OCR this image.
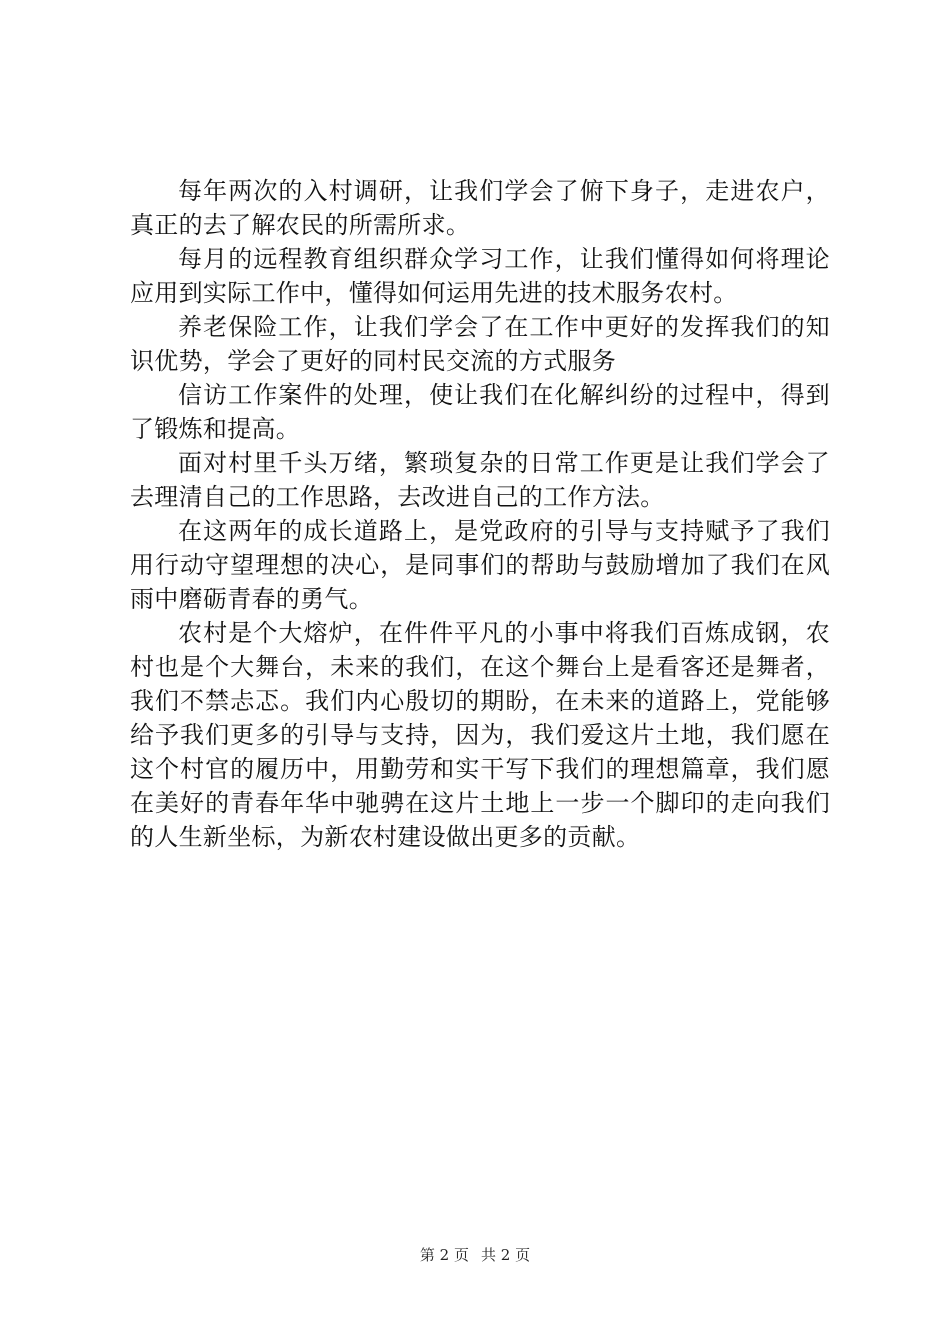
每年两次的入村调研，让我们学会了俯下身子，走进农户，真正的去了解农民的所需所求。

每月的远程教育组织群众学习工作，让我们懂得如何将理论应用到实际工作中，懂得如何运用先进的技术服务农村。

养老保险工作，让我们学会了在工作中更好的发挥我们的知识优势，学会了更好的同村民交流的方式服务

信访工作案件的处理，使让我们在化解纠纷的过程中，得到了锻炼和提高。

面对村里千头万绪，繁琐复杂的日常工作更是让我们学会了去理清自己的工作思路，去改进自己的工作方法。

在这两年的成长道路上，是党政府的引导与支持赋予了我们用行动守望理想的决心，是同事们的帮助与鼓励增加了我们在风雨中磨砺青春的勇气。

农村是个大熔炉，在件件平凡的小事中将我们百炼成钢，农村也是个大舞台，未来的我们，在这个舞台上是看客还是舞者，我们不禁忐忑。我们内心殷切的期盼，在未来的道路上，党能够给予我们更多的引导与支持，因为，我们爱这片土地，我们愿在这个村官的履历中，用勤劳和实干写下我们的理想篇章，我们愿在美好的青春年华中驰骋在这片土地上一步一个脚印的走向我们的人生新坐标，为新农村建设做出更多的贡献。

第 2 页 共 2 页
